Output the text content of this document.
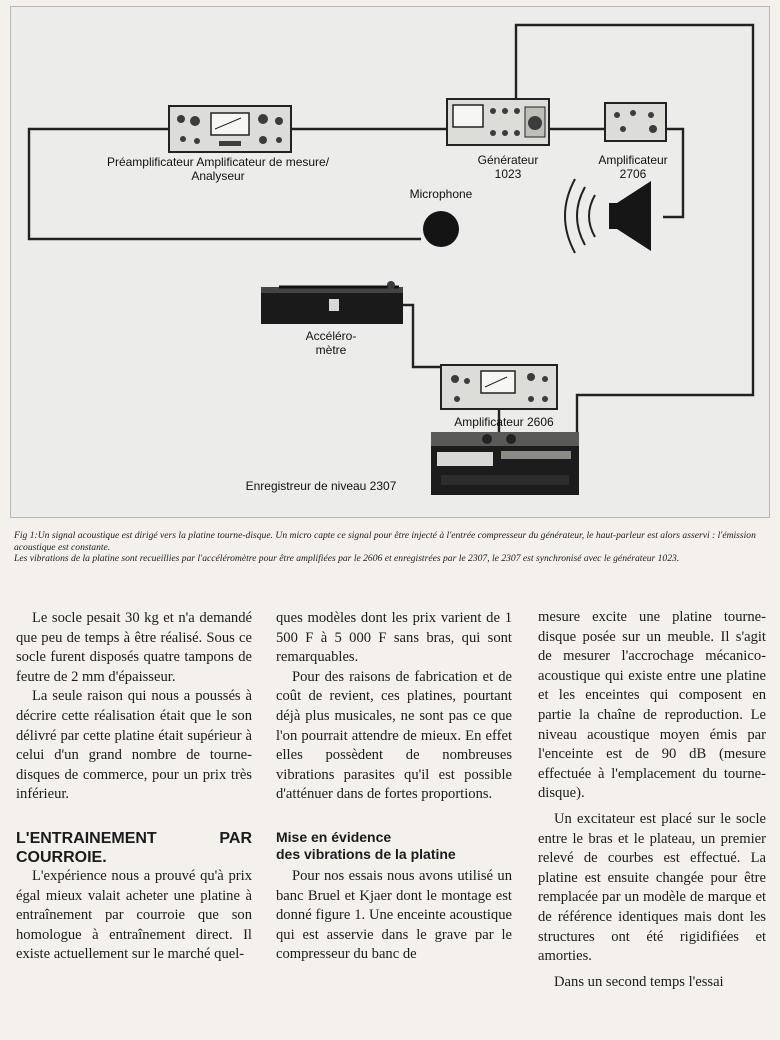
Préamplificateur Amplificateur de mesure/
Analyseur
Générateur
1023
Amplificateur
2706
Microphone
Accéléro-
mètre
Amplificateur 2606
Enregistreur de niveau 2307

Fig 1:Un signal acoustique est dirigé vers la platine tourne-disque. Un micro capte ce signal pour être injecté à l'entrée compresseur du générateur, le haut-parleur est alors asservi : l'émission acoustique est constante.

Les vibrations de la platine sont recueillies par l'accéléromètre pour être amplifiées par le 2606 et enregistrées par le 2307, le 2307 est synchronisé avec le générateur 1023.

Le socle pesait 30 kg et n'a demandé que peu de temps à être réalisé. Sous ce socle furent disposés quatre tampons de feutre de 2 mm d'épaisseur.

La seule raison qui nous a poussés à décrire cette réalisation était que le son délivré par cette platine était supérieur à celui d'un grand nombre de tourne-disques de commerce, pour un prix très inférieur.

L'ENTRAINEMENT PAR COURROIE.

L'expérience nous a prouvé qu'à prix égal mieux valait acheter une platine à entraînement par courroie que son homologue à entraînement direct. Il existe actuellement sur le marché quel-

ques modèles dont les prix varient de 1 500 F à 5 000 F sans bras, qui sont remarquables.

Pour des raisons de fabrication et de coût de revient, ces platines, pourtant déjà plus musicales, ne sont pas ce que l'on pourrait attendre de mieux. En effet elles possèdent de nombreuses vibrations parasites qu'il est possible d'atténuer dans de fortes proportions.

Mise en évidence
des vibrations de la platine

Pour nos essais nous avons utilisé un banc Bruel et Kjaer dont le montage est donné figure 1. Une enceinte acoustique qui est asservie dans le grave par le compresseur du banc de

mesure excite une platine tourne-disque posée sur un meuble. Il s'agit de mesurer l'accrochage mécanico-acoustique qui existe entre une platine et les enceintes qui composent en partie la chaîne de reproduction. Le niveau acoustique moyen émis par l'enceinte est de 90 dB (mesure effectuée à l'emplacement du tourne-disque).

Un excitateur est placé sur le socle entre le bras et le plateau, un premier relevé de courbes est effectué. La platine est ensuite changée pour être remplacée par un modèle de marque et de référence identiques mais dont les structures ont été rigidifiées et amorties.

Dans un second temps l'essai
